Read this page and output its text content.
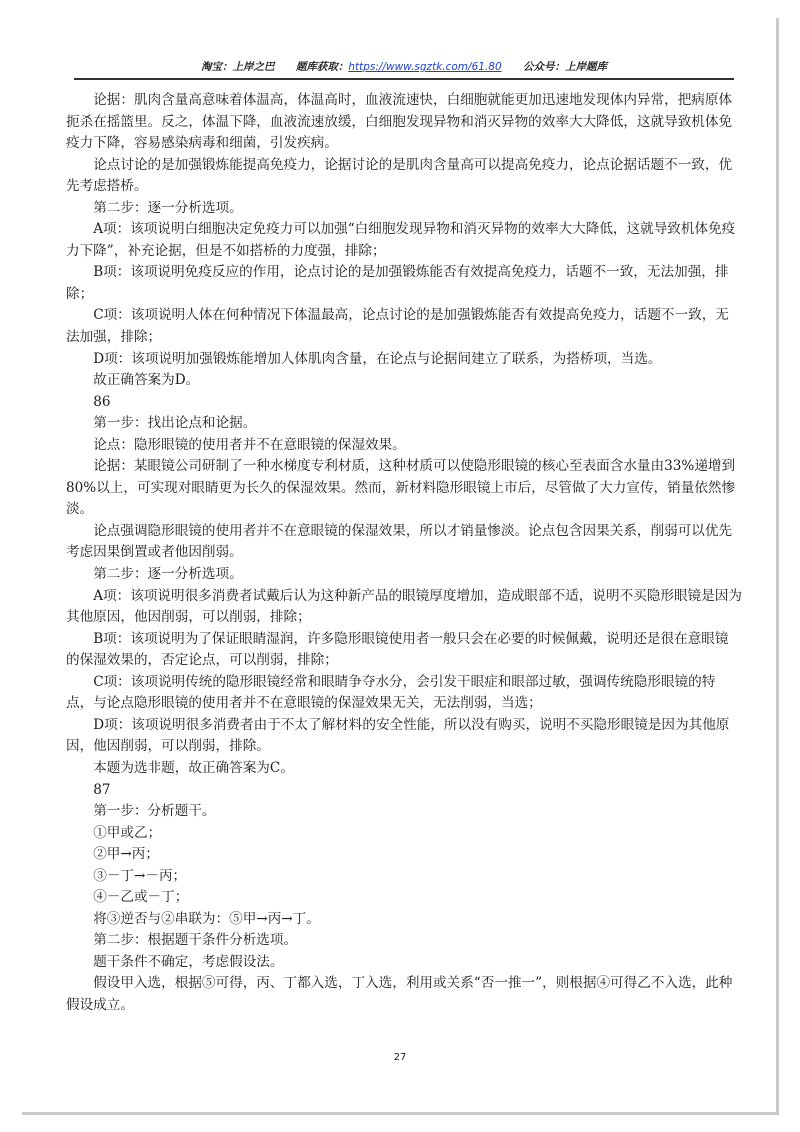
淘宝：上岸之巴 题库获取：https://www.sgztk.com/61.80 公众号：上岸题库

论据：肌肉含量高意味着体温高，体温高时，血液流速快，白细胞就能更加迅速地发现体内异常，把病原体扼杀在摇篮里。反之，体温下降，血液流速放缓，白细胞发现异物和消灭异物的效率大大降低，这就导致机体免疫力下降，容易感染病毒和细菌，引发疾病。

论点讨论的是加强锻炼能提高免疫力，论据讨论的是肌肉含量高可以提高免疫力，论点论据话题不一致，优先考虑搭桥。

第二步：逐一分析选项。

A项：该项说明白细胞决定免疫力可以加强“白细胞发现异物和消灭异物的效率大大降低，这就导致机体免疫力下降”，补充论据，但是不如搭桥的力度强，排除；

B项：该项说明免疫反应的作用，论点讨论的是加强锻炼能否有效提高免疫力，话题不一致，无法加强，排除；

C项：该项说明人体在何种情况下体温最高，论点讨论的是加强锻炼能否有效提高免疫力，话题不一致，无法加强，排除；

D项：该项说明加强锻炼能增加人体肌肉含量，在论点与论据间建立了联系，为搭桥项，当选。

故正确答案为D。

86

第一步：找出论点和论据。

论点：隐形眼镜的使用者并不在意眼镜的保湿效果。

论据：某眼镜公司研制了一种水梯度专利材质，这种材质可以使隐形眼镜的核心至表面含水量由33%递增到80%以上，可实现对眼睛更为长久的保湿效果。然而，新材料隐形眼镜上市后，尽管做了大力宣传，销量依然惨淡。

论点强调隐形眼镜的使用者并不在意眼镜的保湿效果，所以才销量惨淡。论点包含因果关系，削弱可以优先考虑因果倒置或者他因削弱。

第二步：逐一分析选项。

A项：该项说明很多消费者试戴后认为这种新产品的眼镜厚度增加，造成眼部不适，说明不买隐形眼镜是因为其他原因，他因削弱，可以削弱，排除；

B项：该项说明为了保证眼睛湿润，许多隐形眼镜使用者一般只会在必要的时候佩戴，说明还是很在意眼镜的保湿效果的，否定论点，可以削弱，排除；

C项：该项说明传统的隐形眼镜经常和眼睛争夺水分，会引发干眼症和眼部过敏，强调传统隐形眼镜的特点，与论点隐形眼镜的使用者并不在意眼镜的保湿效果无关，无法削弱，当选；

D项：该项说明很多消费者由于不太了解材料的安全性能，所以没有购买，说明不买隐形眼镜是因为其他原因，他因削弱，可以削弱，排除。

本题为选非题，故正确答案为C。

87

第一步：分析题干。

①甲或乙；

②甲→丙；

③－丁→－丙；

④－乙或－丁；

将③逆否与②串联为：⑤甲→丙→丁。

第二步：根据题干条件分析选项。

题干条件不确定，考虑假设法。

假设甲入选，根据⑤可得，丙、丁都入选，丁入选，利用或关系“否一推一”，则根据④可得乙不入选，此种假设成立。

27
